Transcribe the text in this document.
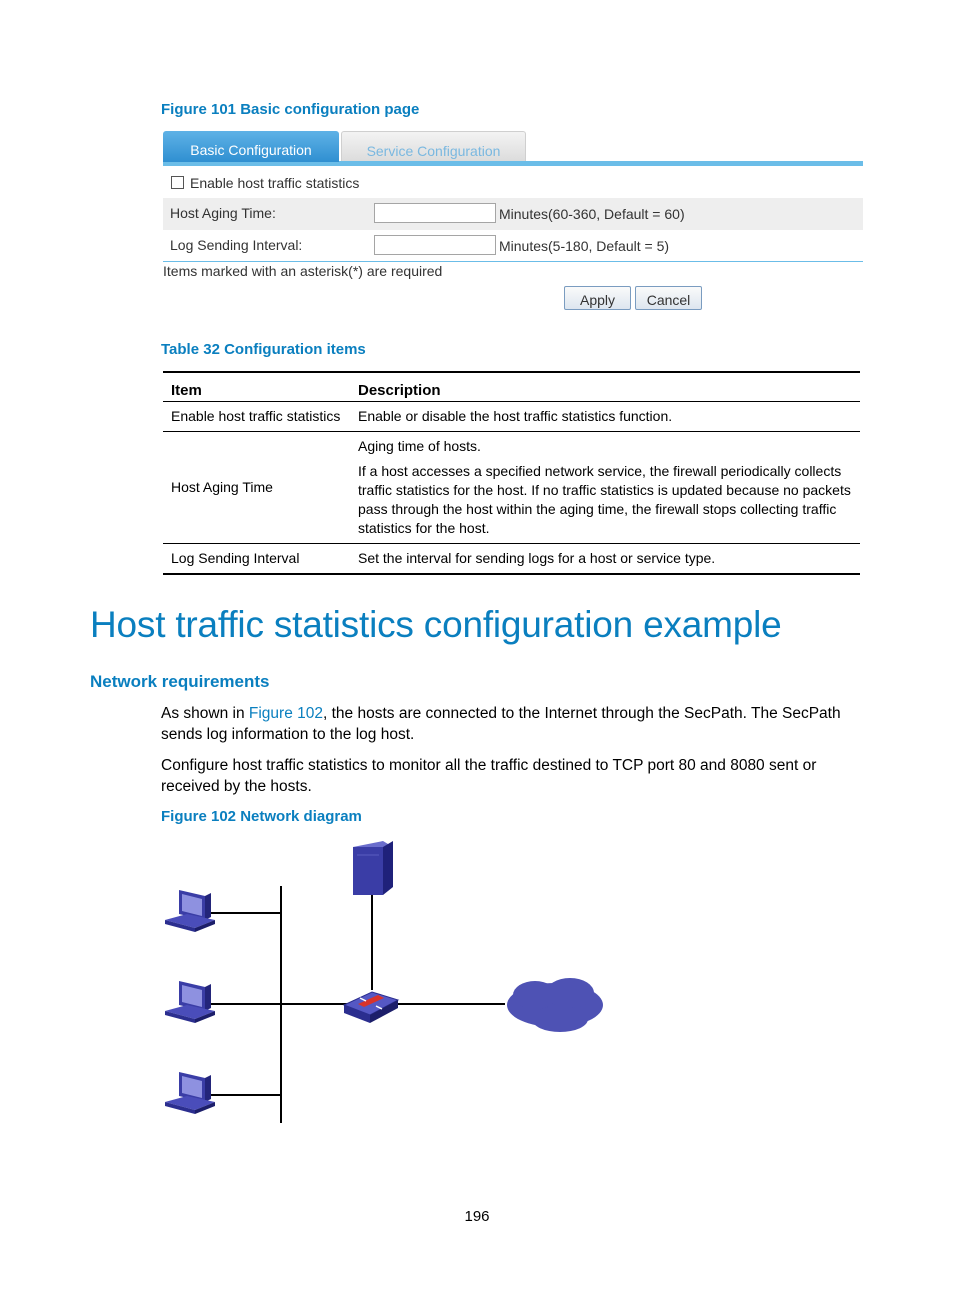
Figure 101 Basic configuration page
Basic Configuration	Service Configuration
Enable host traffic statistics
Host Aging Time:	Minutes(60-360, Default = 60)
Log Sending Interval:	Minutes(5-180, Default = 5)
Items marked with an asterisk(*) are required
Apply	Cancel
Table 32 Configuration items
Item	Description
Enable host traffic statistics	Enable or disable the host traffic statistics function.

Host Aging Time	Aging time of hosts.

If a host accesses a specified network service, the firewall periodically collects traffic statistics for the host. If no traffic statistics is updated because no packets pass through the host within the aging time, the firewall stops collecting traffic statistics for the host.

Log Sending Interval	Set the interval for sending logs for a host or service type.

Host traffic statistics configuration example
Network requirements

As shown in Figure 102, the hosts are connected to the Internet through the SecPath. The SecPath sends log information to the log host.

Configure host traffic statistics to monitor all the traffic destined to TCP port 80 and 8080 sent or received by the hosts.

Figure 102 Network diagram
196
